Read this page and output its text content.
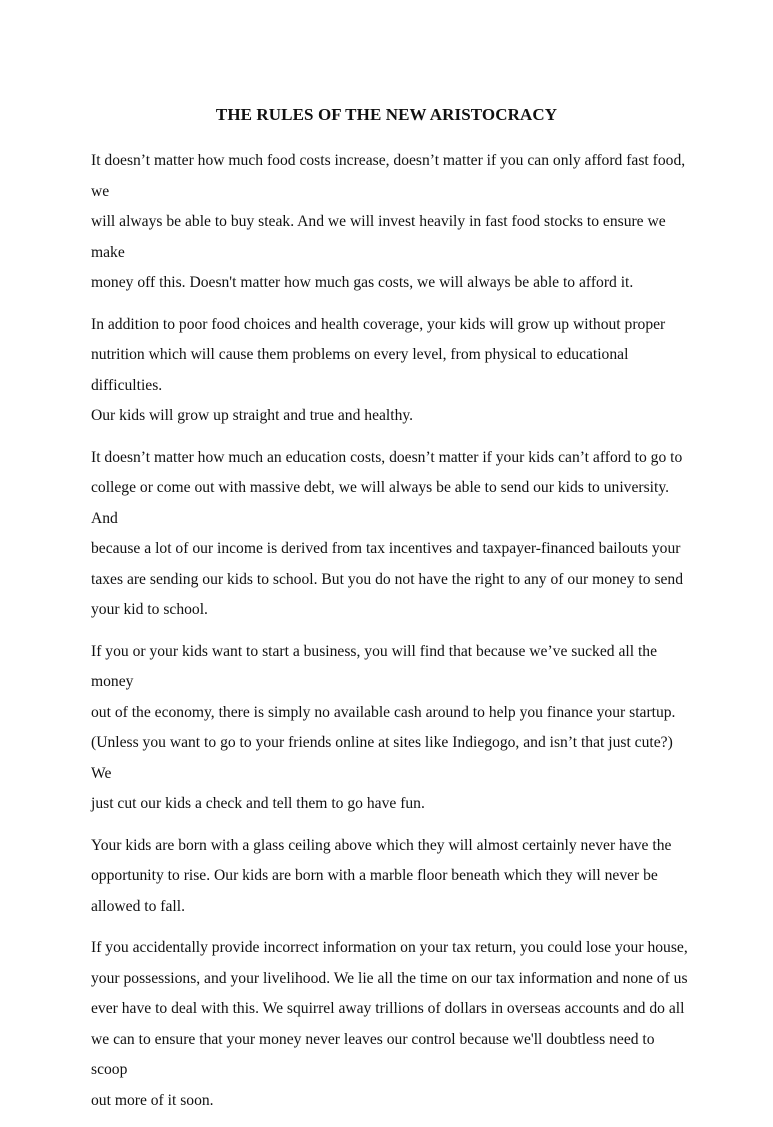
THE RULES OF THE NEW ARISTOCRACY

It doesn’t matter how much food costs increase, doesn’t matter if you can only afford fast food, we
will always be able to buy steak. And we will invest heavily in fast food stocks to ensure we make
money off this. Doesn't matter how much gas costs, we will always be able to afford it.

In addition to poor food choices and health coverage, your kids will grow up without proper
nutrition which will cause them problems on every level, from physical to educational difficulties.
Our kids will grow up straight and true and healthy.

It doesn’t matter how much an education costs, doesn’t matter if your kids can’t afford to go to
college or come out with massive debt, we will always be able to send our kids to university. And
because a lot of our income is derived from tax incentives and taxpayer-financed bailouts your
taxes are sending our kids to school. But you do not have the right to any of our money to send
your kid to school.

If you or your kids want to start a business, you will find that because we’ve sucked all the money
out of the economy, there is simply no available cash around to help you finance your startup.
(Unless you want to go to your friends online at sites like Indiegogo, and isn’t that just cute?) We
just cut our kids a check and tell them to go have fun.

Your kids are born with a glass ceiling above which they will almost certainly never have the
opportunity to rise. Our kids are born with a marble floor beneath which they will never be
allowed to fall.

If you accidentally provide incorrect information on your tax return, you could lose your house,
your possessions, and your livelihood. We lie all the time on our tax information and none of us
ever have to deal with this. We squirrel away trillions of dollars in overseas accounts and do all
we can to ensure that your money never leaves our control because we'll doubtless need to scoop
out more of it soon.
